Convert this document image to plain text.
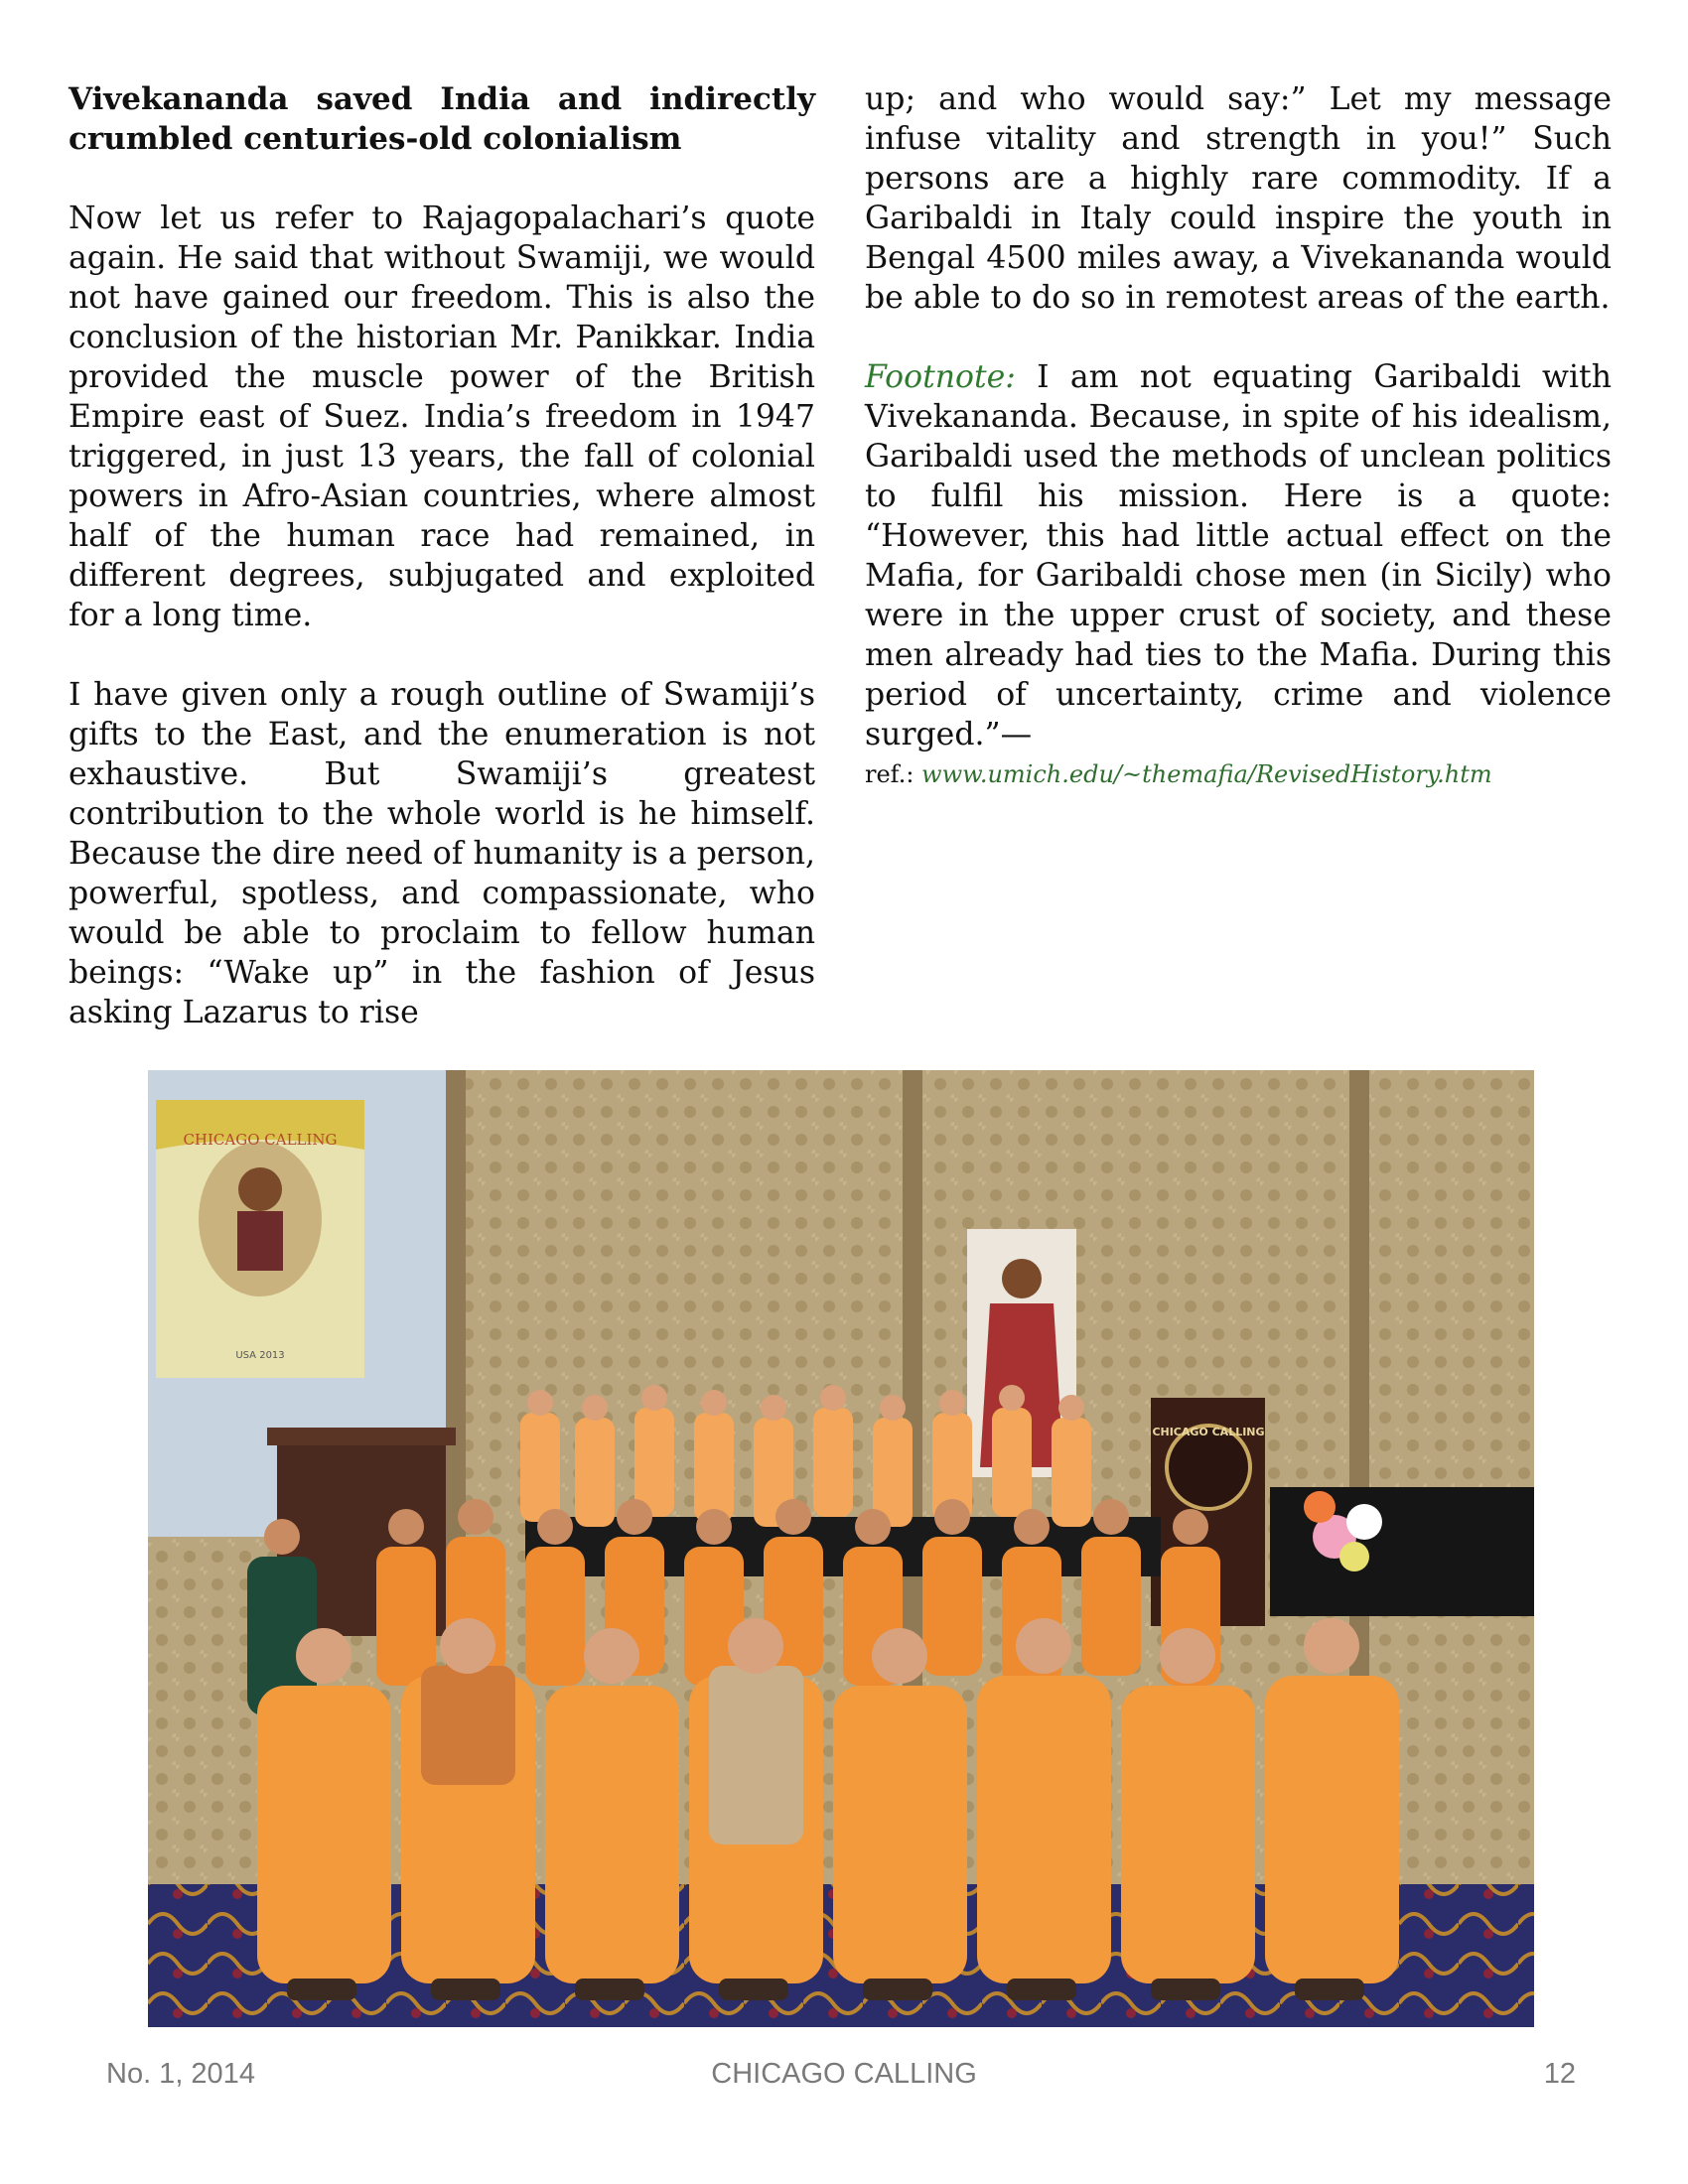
Vivekananda saved India and indirectly crumbled centuries-old colonialism

Now let us refer to Rajagopalachari’s quote again. He said that without Swamiji, we would not have gained our freedom. This is also the conclusion of the historian Mr. Panikkar. India provided the muscle power of the British Empire east of Suez. India’s freedom in 1947 triggered, in just 13 years, the fall of colonial powers in Afro-Asian countries, where almost half of the human race had remained, in different degrees, subjugated and exploited for a long time.

I have given only a rough outline of Swamiji’s gifts to the East, and the enumeration is not exhaustive. But Swamiji’s greatest contribution to the whole world is he himself. Because the dire need of humanity is a person, powerful, spotless, and compassionate, who would be able to proclaim to fellow human beings: “Wake up” in the fashion of Jesus asking Lazarus to rise

up; and who would say:” Let my message infuse vitality and strength in you!” Such persons are a highly rare commodity. If a Garibaldi in Italy could inspire the youth in Bengal 4500 miles away, a Vivekananda would be able to do so in remotest areas of the earth.

Footnote: I am not equating Garibaldi with Vivekananda. Because, in spite of his idealism, Garibaldi used the methods of unclean politics to fulfil his mission. Here is a quote: “However, this had little actual effect on the Mafia, for Garibaldi chose men (in Sicily) who were in the upper crust of society, and these men already had ties to the Mafia. During this period of uncertainty, crime and violence surged.”—

ref.: www.umich.edu/~themafia/RevisedHistory.htm

CHICAGO CALLING
USA 2013
CHICAGO CALLING
No. 1, 2014	CHICAGO CALLING	12
